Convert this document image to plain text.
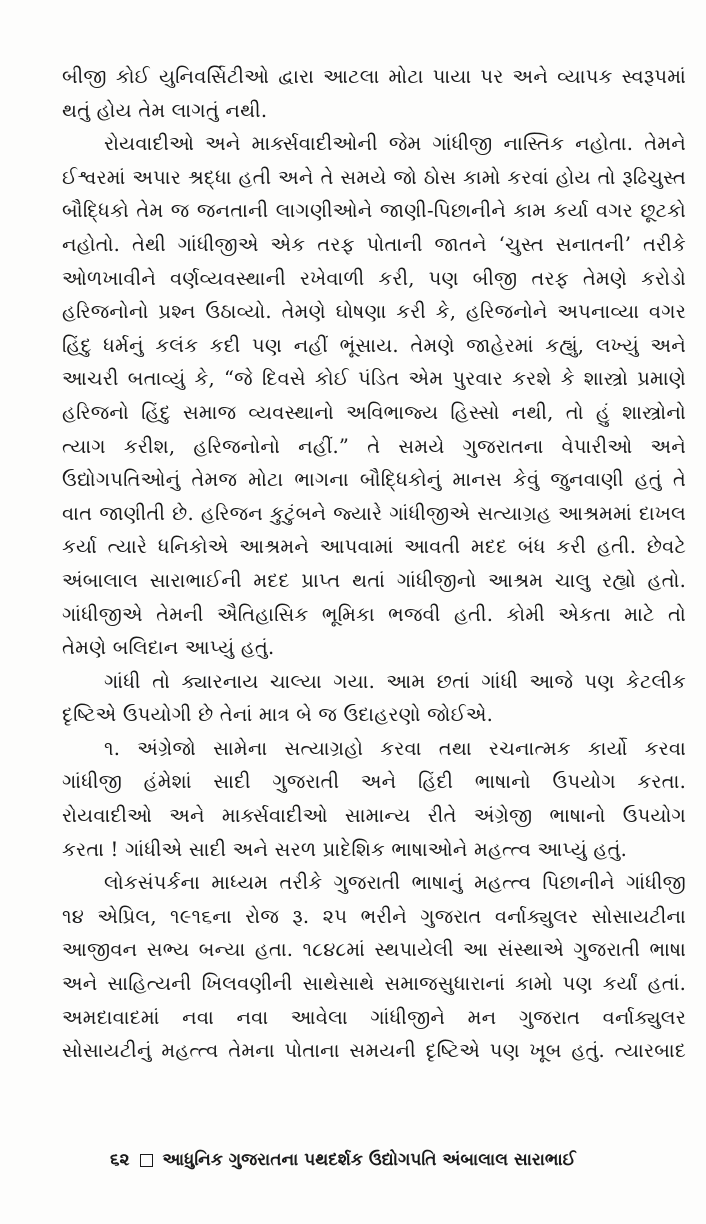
બીજી કોઈ યુનિવર્સિટીઓ દ્વારા આટલા મોટા પાયા પર અને વ્યાપક સ્વરૂપમાં
થતું હોય તેમ લાગતું નથી.
રોયવાદીઓ અને માર્ક્સવાદીઓની જેમ ગાંધીજી નાસ્તિક નહોતા. તેમને
ઈશ્વરમાં અપાર શ્રદ્ધા હતી અને તે સમયે જો ઠોસ કામો કરવાં હોય તો રૂઢિચુસ્ત
બૌદ્ધિકો તેમ જ જનતાની લાગણીઓને જાણી-પિછાનીને કામ કર્યા વગર છૂટકો
નહોતો. તેથી ગાંધીજીએ એક તરફ પોતાની જાતને ‘ચુસ્ત સનાતની’ તરીકે
ઓળખાવીને વર્ણવ્યવસ્થાની રખેવાળી કરી, પણ બીજી તરફ તેમણે કરોડો
હરિજનોનો પ્રશ્ન ઉઠાવ્યો. તેમણે ઘોષણા કરી કે, હરિજનોને અપનાવ્યા વગર
હિંદુ ધર્મનું કલંક કદી પણ નહીં ભૂંસાય. તેમણે જાહેરમાં કહ્યું, લખ્યું અને
આચરી બતાવ્યું કે, “જે દિવસે કોઈ પંડિત એમ પુરવાર કરશે કે શાસ્ત્રો પ્રમાણે
હરિજનો હિંદુ સમાજ વ્યવસ્થાનો અવિભાજ્ય હિસ્સો નથી, તો હું શાસ્ત્રોનો
ત્યાગ કરીશ, હરિજનોનો નહીં.” તે સમયે ગુજરાતના વેપારીઓ અને
ઉદ્યોગપતિઓનું તેમજ મોટા ભાગના બૌદ્ધિકોનું માનસ કેવું જુનવાણી હતું તે
વાત જાણીતી છે. હરિજન કુટુંબને જ્યારે ગાંધીજીએ સત્યાગ્રહ આશ્રમમાં દાખલ
કર્યા ત્યારે ધનિકોએ આશ્રમને આપવામાં આવતી મદદ બંધ કરી હતી. છેવટે
અંબાલાલ સારાભાઈની મદદ પ્રાપ્ત થતાં ગાંધીજીનો આશ્રમ ચાલુ રહ્યો હતો.
ગાંધીજીએ તેમની ઐતિહાસિક ભૂમિકા ભજવી હતી. કોમી એકતા માટે તો
તેમણે બલિદાન આપ્યું હતું.
ગાંધી તો ક્યારનાય ચાલ્યા ગયા. આમ છતાં ગાંધી આજે પણ કેટલીક
દૃષ્ટિએ ઉપયોગી છે તેનાં માત્ર બે જ ઉદાહરણો જોઈએ.
૧. અંગ્રેજો સામેના સત્યાગ્રહો કરવા તથા રચનાત્મક કાર્યો કરવા
ગાંધીજી હંમેશાં સાદી ગુજરાતી અને હિંદી ભાષાનો ઉપયોગ કરતા.
રોયવાદીઓ અને માર્ક્સવાદીઓ સામાન્ય રીતે અંગ્રેજી ભાષાનો ઉપયોગ
કરતા ! ગાંધીએ સાદી અને સરળ પ્રાદેશિક ભાષાઓને મહત્ત્વ આપ્યું હતું.
લોકસંપર્કના માધ્યમ તરીકે ગુજરાતી ભાષાનું મહત્ત્વ પિછાનીને ગાંધીજી
૧૪ એપ્રિલ, ૧૯૧૬ના રોજ રૂ. ૨૫ ભરીને ગુજરાત વર્નાક્યુલર સોસાયટીના
આજીવન સભ્ય બન્યા હતા. ૧૮૪૮માં સ્થપાયેલી આ સંસ્થાએ ગુજરાતી ભાષા
અને સાહિત્યની ખિલવણીની સાથેસાથે સમાજસુધારાનાં કામો પણ કર્યાં હતાં.
અમદાવાદમાં નવા નવા આવેલા ગાંધીજીને મન ગુજરાત વર્નાક્યુલર
સોસાયટીનું મહત્ત્વ તેમના પોતાના સમયની દૃષ્ટિએ પણ ખૂબ હતું. ત્યારબાદ
૬૨ આધુનિક ગુજરાતના પથદર્શક ઉદ્યોગપતિ અંબાલાલ સારાભાઈ
